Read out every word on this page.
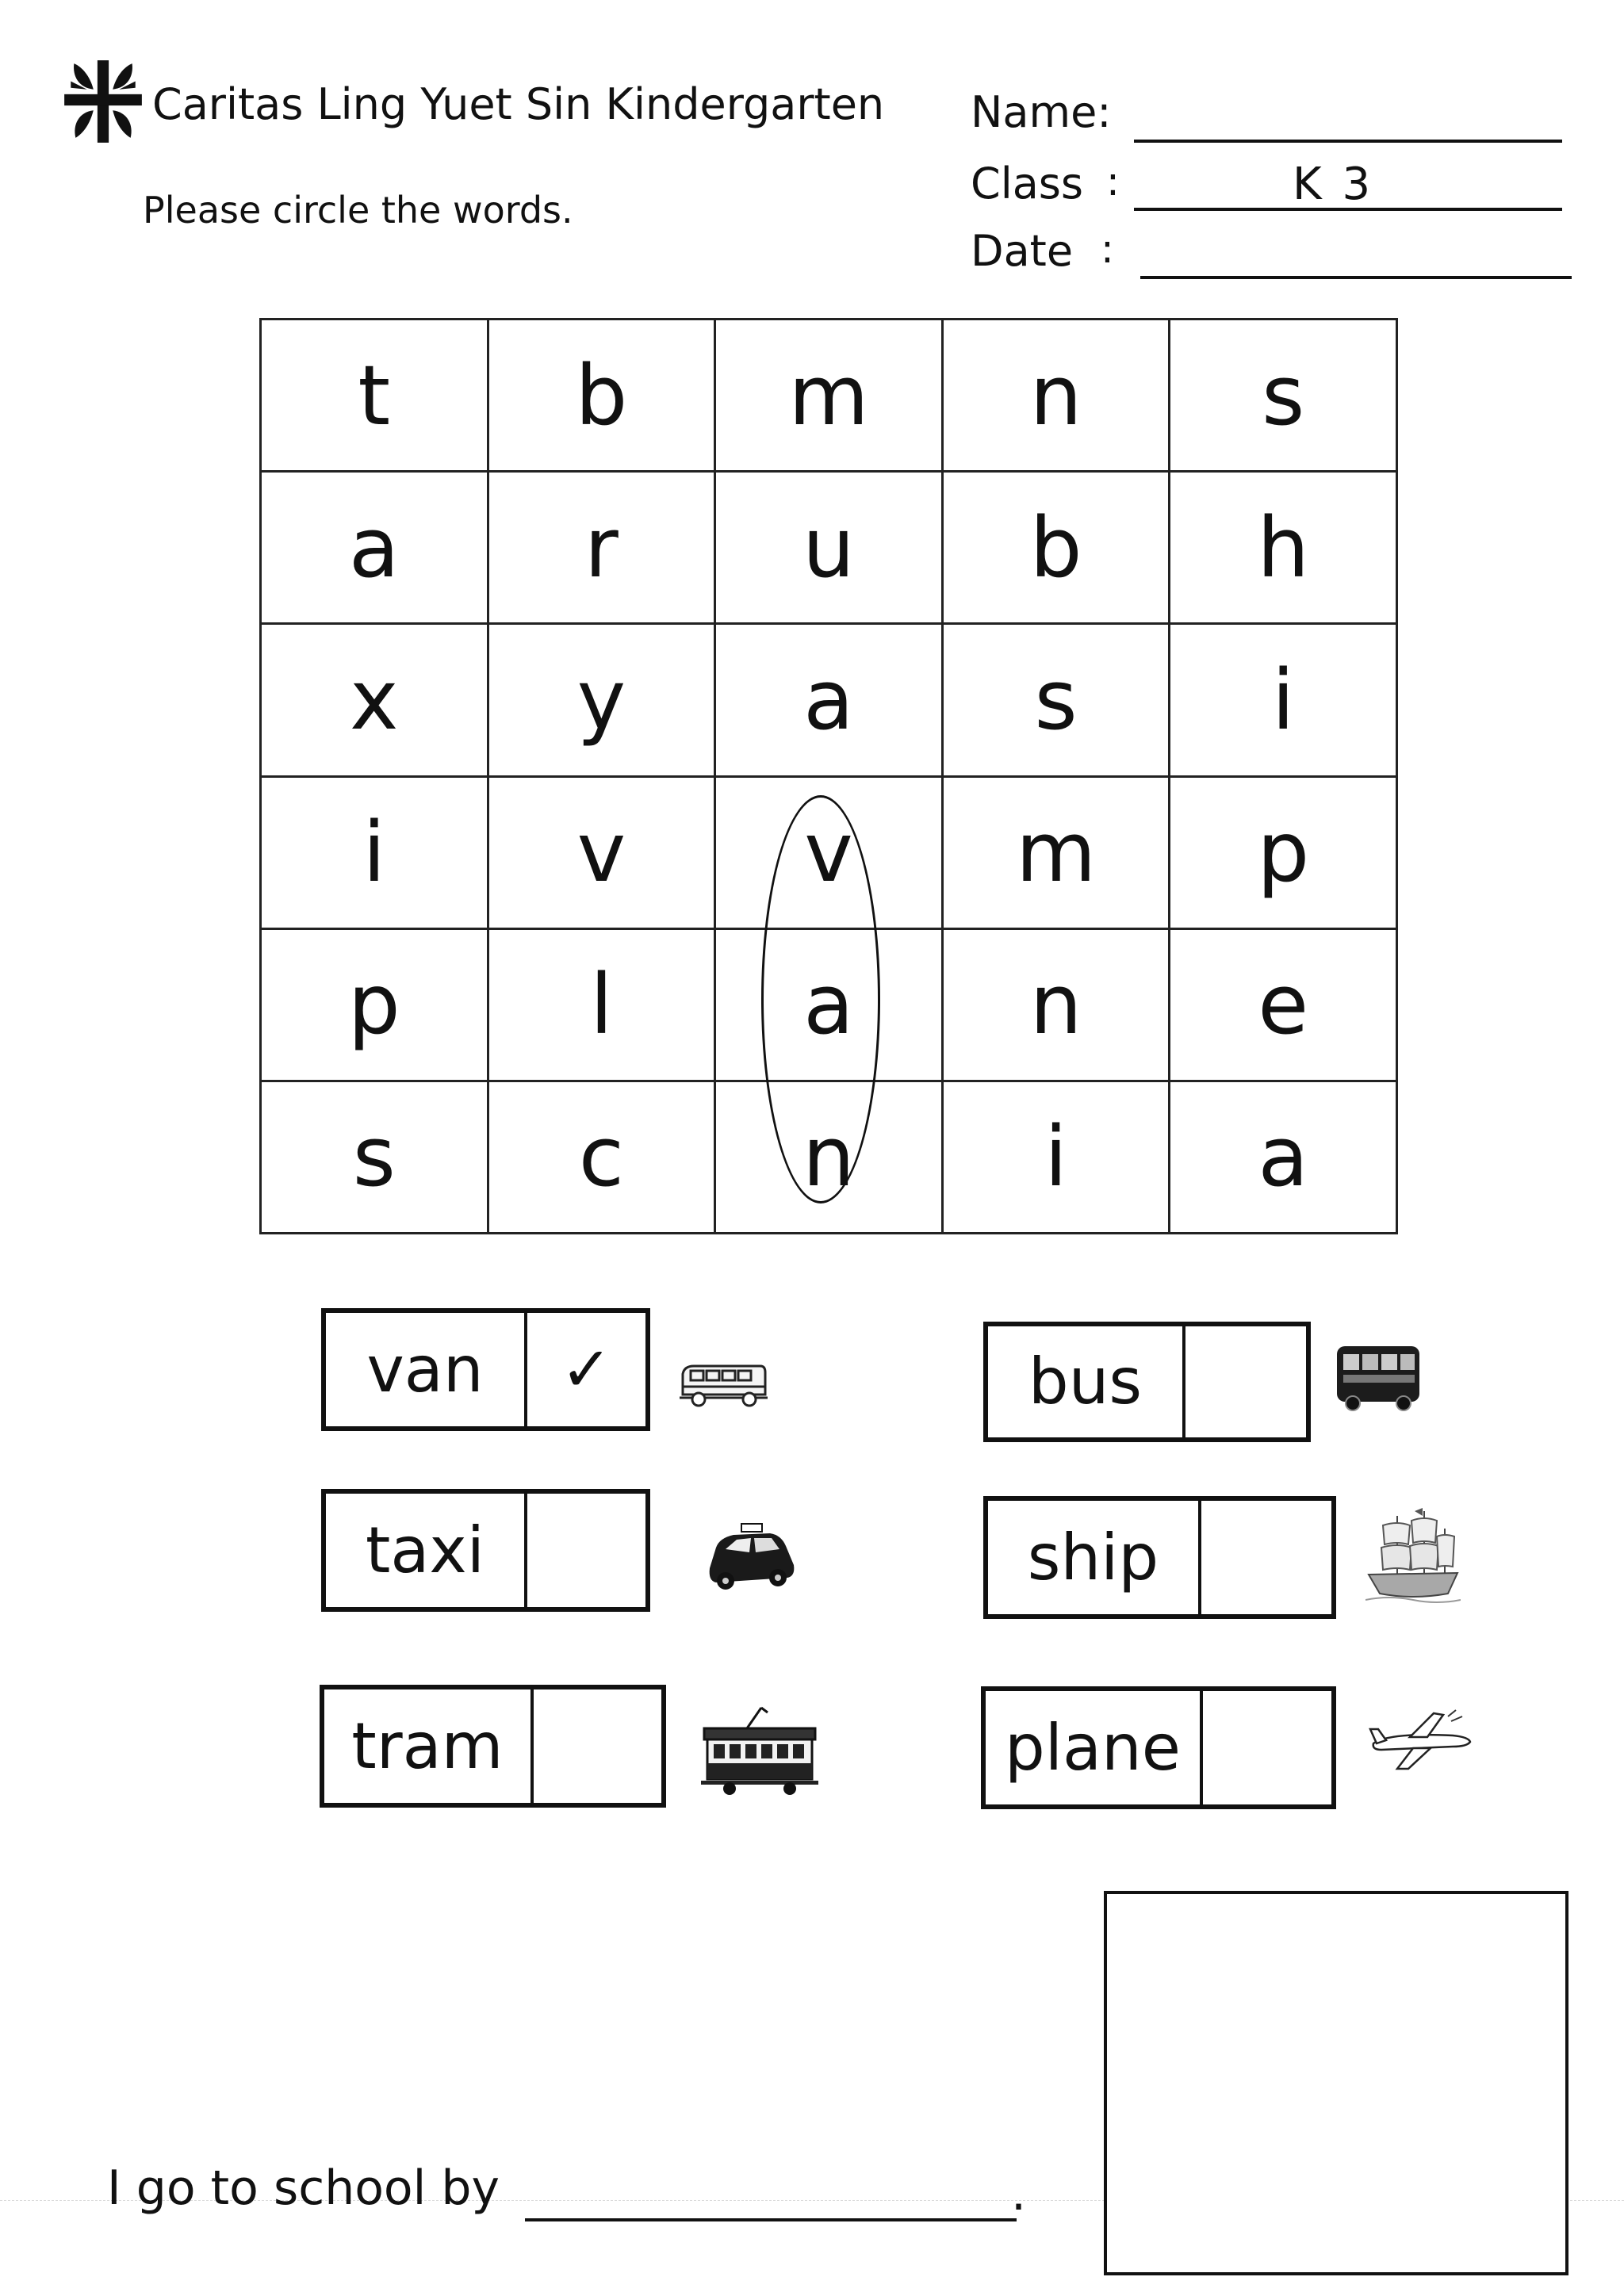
Caritas Ling Yuet Sin Kindergarten
Please circle the words.
Name:
Class :	K 3
Date :
t	b	m	n	s
a	r	u	b	h
x	y	a	s	i
i	v	v	m	p
p	l	a	n	e
s	c	n	i	a
van	✓
taxi
tram
bus
ship
plane
I go to school by	.
